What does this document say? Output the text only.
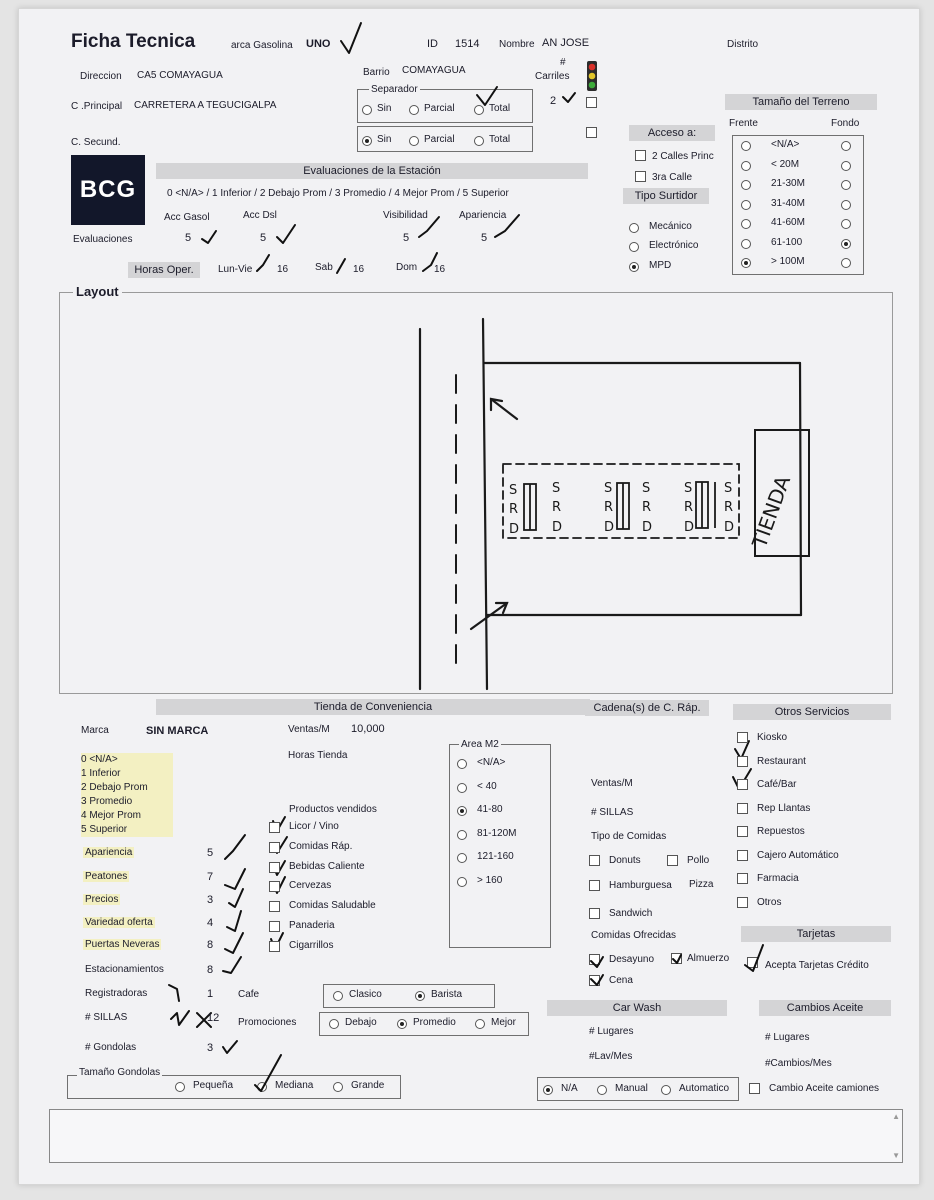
Ficha Tecnica	arca Gasolina UNO	ID 1514 Nombre AN JOSE	Distrito
Direccion CA5 COMAYAGUA
C .Principal CARRETERA A TEGUCIGALPA
C. Secund.
Barrio COMAYAGUA
Separador
Sin	Parcial	Total
Sin	Parcial	Total
#
Carriles
2
BCG
Evaluaciones de la Estación
0 <N/A> / 1 Inferior / 2 Debajo Prom / 3 Promedio / 4 Mejor Prom / 5 Superior
Acc Gasol	Acc Dsl	Visibilidad	Apariencia
Evaluaciones	5	5	5	5
Horas Oper.	Lun-Vie 16	Sab 16	Dom 16
Acceso a:
2 Calles Princ
3ra Calle
Tipo Surtidor
Mecánico
Electrónico
MPD
Tamaño del Terreno
Frente	Fondo
Layout
S
R
D
S
R
D
S
R
D
S
R
D
S
R
D
S
R
D TIENDA
Tienda de Conveniencia
Marca	SIN MARCA	Ventas/M 10,000
Horas Tienda
0 <N/A>
1 Inferior
2 Debajo Prom
3 Promedio
4 Mejor Prom
5 Superior
Productos vendidos
Area M2
Cafe	Clasico	Barista
Promociones	Debajo	Promedio	Mejor
Tamaño Gondolas
Pequeña	Mediana	Grande
Cadena(s) de C. Ráp.
Ventas/M
# SILLAS
Tipo de Comidas
Donuts	Pollo
Hamburguesa Pizza
Sandwich
Comidas Ofrecidas
Desayuno	Almuerzo
Cena
Car Wash
# Lugares
#Lav/Mes
N/A	Manual	Automatico
Otros Servicios
Tarjetas
Acepta Tarjetas Crédito
Cambios Aceite
# Lugares
#Cambios/Mes
Cambio Aceite camiones
▲
▼
<N/A>
< 20M
21-30M
31-40M
41-60M
61-100
> 100M
Apariencia	5
Peatones	7
Precios	3
Variedad oferta	4
Puertas Neveras	8
Estacionamientos	8
Registradoras	1
# SILLAS	12
# Gondolas	3
Licor / Vino
Comidas Ráp.
Bebidas Caliente
Cervezas
Comidas Saludable
Panaderia
Cigarrillos
<N/A>
< 40
41-80
81-120M
121-160
> 160
Kiosko
Restaurant
Café/Bar
Rep Llantas
Repuestos
Cajero Automático
Farmacia
Otros
